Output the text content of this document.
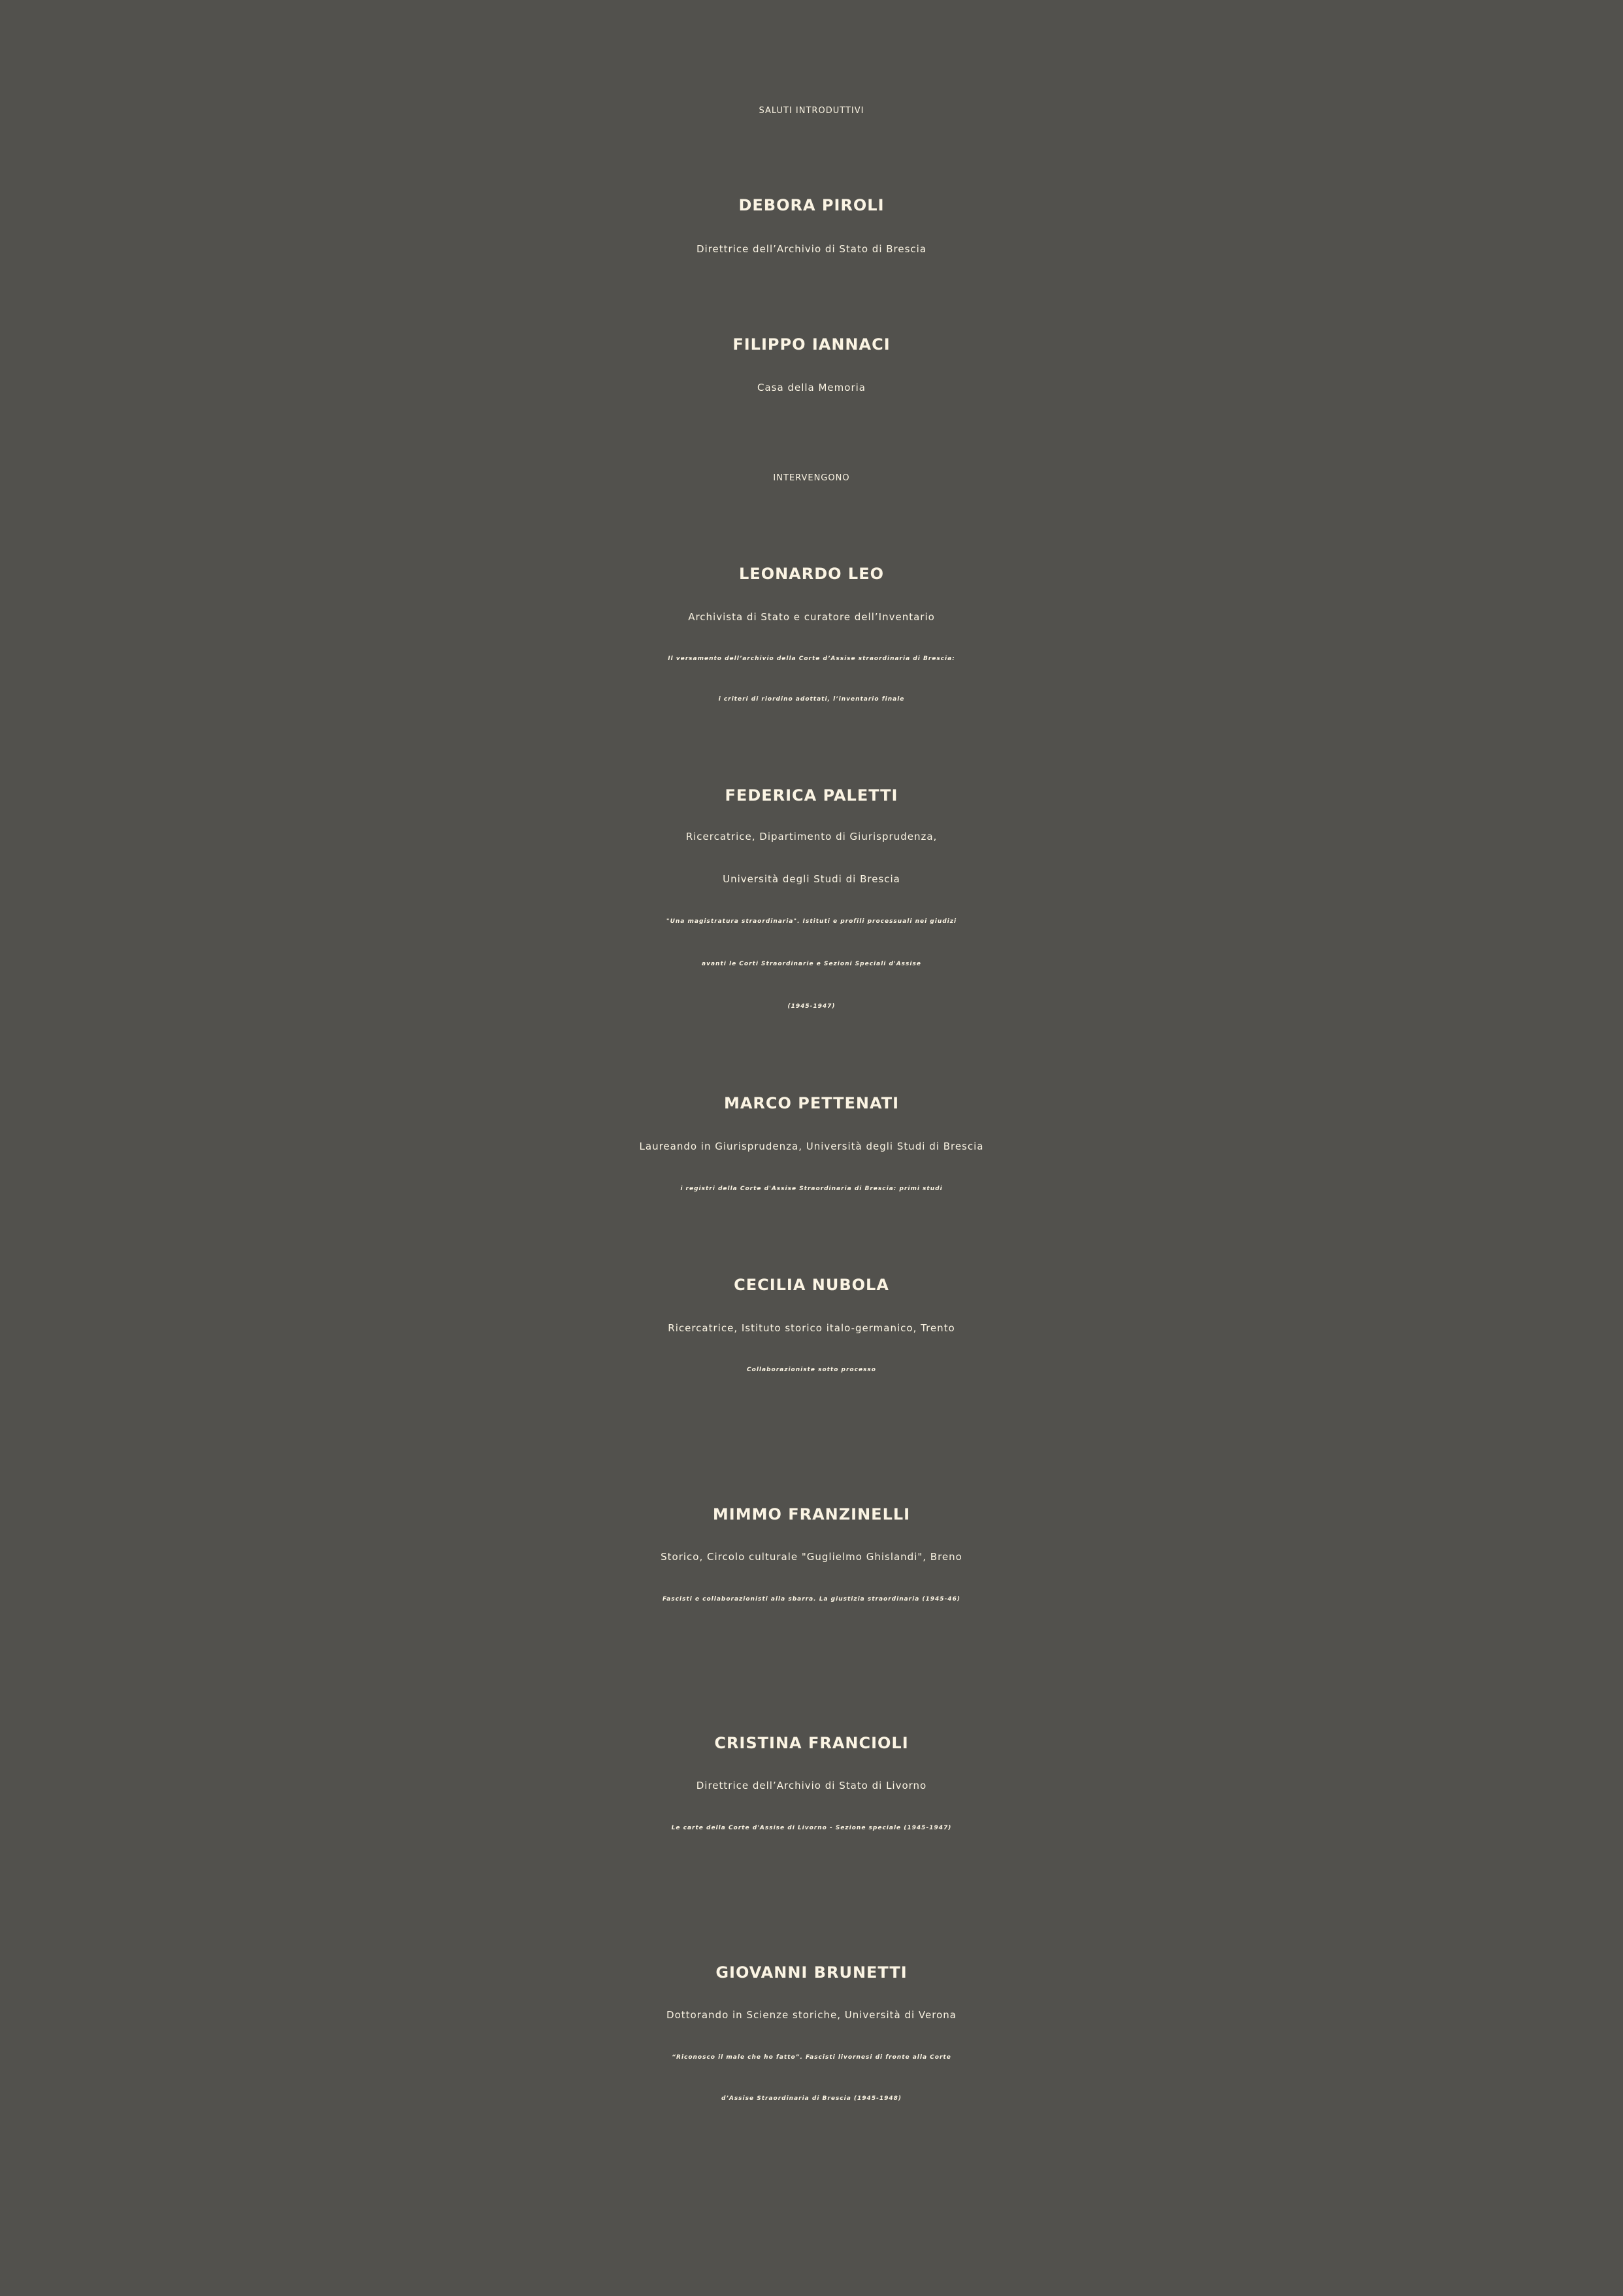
SALUTI INTRODUTTIVI
DEBORA PIROLI
Direttrice dell’Archivio di Stato di Brescia
FILIPPO IANNACI
Casa della Memoria
INTERVENGONO
LEONARDO LEO
Archivista di Stato e curatore dell’Inventario
Il versamento dell’archivio della Corte d’Assise straordinaria di Brescia:
i criteri di riordino adottati, l’inventario finale
FEDERICA PALETTI
Ricercatrice, Dipartimento di Giurisprudenza,
Università degli Studi di Brescia
"Una magistratura straordinaria". Istituti e profili processuali nei giudizi
avanti le Corti Straordinarie e Sezioni Speciali d'Assise
(1945-1947)
MARCO PETTENATI
Laureando in Giurisprudenza, Università degli Studi di Brescia
i registri della Corte d'Assise Straordinaria di Brescia: primi studi
CECILIA NUBOLA
Ricercatrice, Istituto storico italo-germanico, Trento
Collaborazioniste sotto processo
MIMMO FRANZINELLI
Storico, Circolo culturale "Guglielmo Ghislandi", Breno
Fascisti e collaborazionisti alla sbarra. La giustizia straordinaria (1945-46)
CRISTINA FRANCIOLI
Direttrice dell’Archivio di Stato di Livorno
Le carte della Corte d'Assise di Livorno - Sezione speciale (1945-1947)
GIOVANNI BRUNETTI
Dottorando in Scienze storiche, Università di Verona
“Riconosco il male che ho fatto”. Fascisti livornesi di fronte alla Corte
d’Assise Straordinaria di Brescia (1945-1948)
